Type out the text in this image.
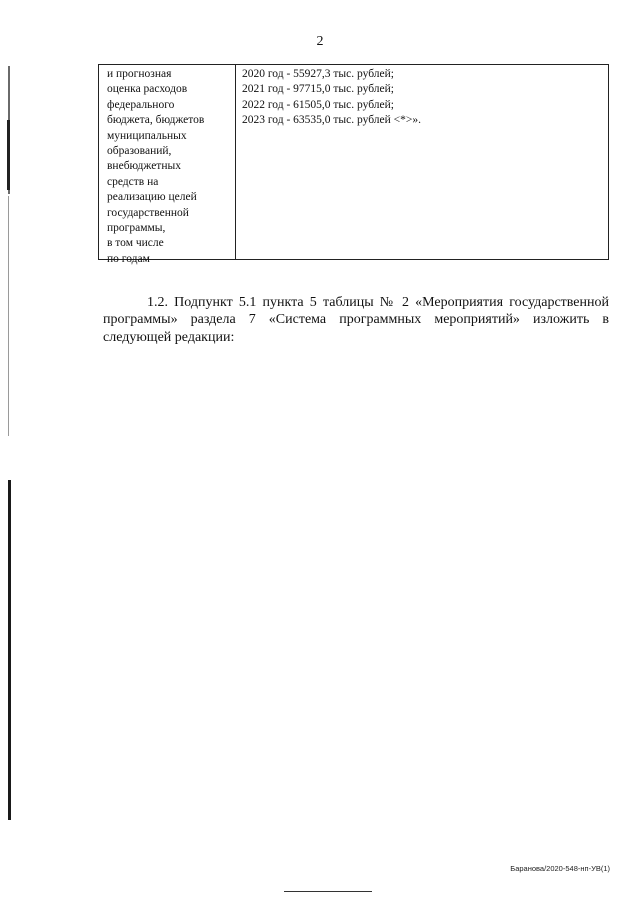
2
и прогнозная
оценка расходов
федерального
бюджета, бюджетов
муниципальных
образований,
внебюджетных
средств на
реализацию целей
государственной
программы,
в том числе
по годам
2020 год - 55927,3 тыс. рублей;
2021 год - 97715,0 тыс. рублей;
2022 год - 61505,0 тыс. рублей;
2023 год - 63535,0 тыс. рублей <*>».

1.2. Подпункт 5.1 пункта 5 таблицы № 2 «Мероприятия государственной программы» раздела 7 «Система программных мероприятий» изложить в следующей редакции:

Баранова/2020-548-нп-УВ(1)
